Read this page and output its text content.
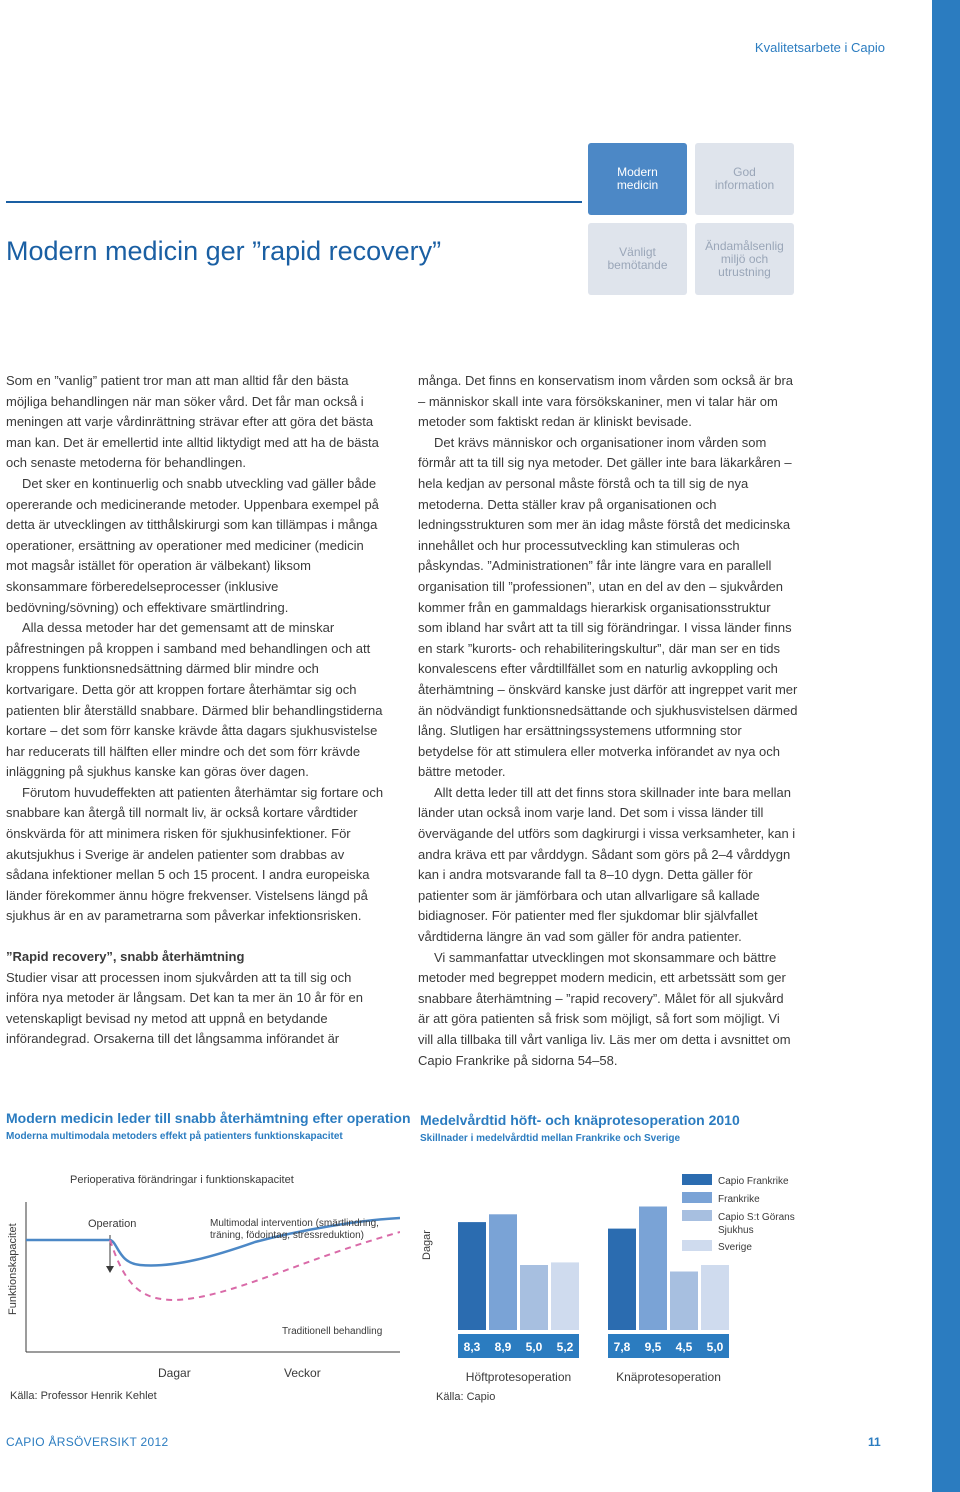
Kvalitetsarbete i Capio
Modern medicin ger ”rapid recovery”
Modern
medicin
God
information
Vänligt
bemötande
Ändamålsenlig
miljö och
utrustning

Som en ”vanlig” patient tror man att man alltid får den bästa möjliga behandlingen när man söker vård. Det får man också i meningen att varje vårdinrättning strävar efter att göra det bästa man kan. Det är emellertid inte alltid liktydigt med att ha de bästa och senaste metoderna för behandlingen.

Det sker en kontinuerlig och snabb utveckling vad gäller både opererande och medicinerande metoder. Uppenbara exempel på detta är utvecklingen av titthålskirurgi som kan tillämpas i många operationer, ersättning av operationer med mediciner (medicin mot magsår istället för operation är välbekant) liksom skonsammare förberedelseprocesser (inklusive bedövning/sövning) och effektivare smärtlindring.

Alla dessa metoder har det gemensamt att de minskar påfrestningen på kroppen i samband med behandlingen och att kroppens funktionsnedsättning därmed blir mindre och kortvarigare. Detta gör att kroppen fortare återhämtar sig och patienten blir återställd snabbare. Därmed blir behandlingstiderna kortare – det som förr kanske krävde åtta dagars sjukhusvistelse har reducerats till hälften eller mindre och det som förr krävde inläggning på sjukhus kanske kan göras över dagen.

Förutom huvudeffekten att patienten återhämtar sig fortare och snabbare kan återgå till normalt liv, är också kortare vårdtider önskvärda för att minimera risken för sjukhusinfektioner. För akutsjukhus i Sverige är andelen patienter som drabbas av sådana infektioner mellan 5 och 15 procent. I andra europeiska länder förekommer ännu högre frekvenser. Vistelsens längd på sjukhus är en av parametrarna som påverkar infektionsrisken.

”Rapid recovery”, snabb återhämtning

Studier visar att processen inom sjukvården att ta till sig och införa nya metoder är långsam. Det kan ta mer än 10 år för en vetenskapligt bevisad ny metod att uppnå en betydande införandegrad. Orsakerna till det långsamma införandet är

många. Det finns en konservatism inom vården som också är bra – människor skall inte vara försökskaniner, men vi talar här om metoder som faktiskt redan är kliniskt bevisade.

Det krävs människor och organisationer inom vården som förmår att ta till sig nya metoder. Det gäller inte bara läkarkåren – hela kedjan av personal måste förstå och ta till sig de nya metoderna. Detta ställer krav på organisationen och ledningsstrukturen som mer än idag måste förstå det medicinska innehållet och hur processutveckling kan stimuleras och påskyndas. ”Administrationen” får inte längre vara en parallell organisation till ”professionen”, utan en del av den – sjukvården kommer från en gammaldags hierarkisk organisationsstruktur som ibland har svårt att ta till sig förändringar. I vissa länder finns en stark ”kurorts- och rehabiliteringskultur”, där man ser en tids konvalescens efter vårdtillfället som en naturlig avkoppling och återhämtning – önskvärd kanske just därför att ingreppet varit mer än nödvändigt funktionsnedsättande och sjukhusvistelsen därmed lång. Slutligen har ersättningssystemens utformning stor betydelse för att stimulera eller motverka införandet av nya och bättre metoder.

Allt detta leder till att det finns stora skillnader inte bara mellan länder utan också inom varje land. Det som i vissa länder till övervägande del utförs som dagkirurgi i vissa verksamheter, kan i andra kräva ett par vårddygn. Sådant som görs på 2–4 vårddygn kan i andra motsvarande fall ta 8–10 dygn. Detta gäller för patienter som är jämförbara och utan allvarligare så kallade bidiagnoser. För patienter med fler sjukdomar blir självfallet vårdtiderna längre än vad som gäller för andra patienter.

Vi sammanfattar utvecklingen mot skonsammare och bättre metoder med begreppet modern medicin, ett arbetssätt som ger snabbare återhämtning – ”rapid recovery”. Målet för all sjukvård är att göra patienten så frisk som möjligt, så fort som möjligt. Vi vill alla tillbaka till vårt vanliga liv. Läs mer om detta i avsnittet om Capio Frankrike på sidorna 54–58.

Modern medicin leder till snabb återhämtning efter operation
Moderna multimodala metoders effekt på patienters funktionskapacitet
Perioperativa förändringar i funktionskapacitet
Funktionskapacitet	Operation	Multimodal intervention (smärtlindring, träning, födointag, stressreduktion)
Traditionell behandling
Dagar	Veckor
Källa: Professor Henrik Kehlet
Medelvårdtid höft- och knäprotesoperation 2010
Skillnader i medelvårdtid mellan Frankrike och Sverige
Källa: Capio
Dagar
8,3 8,9 5,0 5,2
Höftprotesoperation
7,8 9,5 4,5 5,0
Knäprotesoperation
Capio Frankrike
Frankrike
Capio S:t Görans Sjukhus
Sverige
CAPIO ÅRSÖVERSIKT 2012	11
